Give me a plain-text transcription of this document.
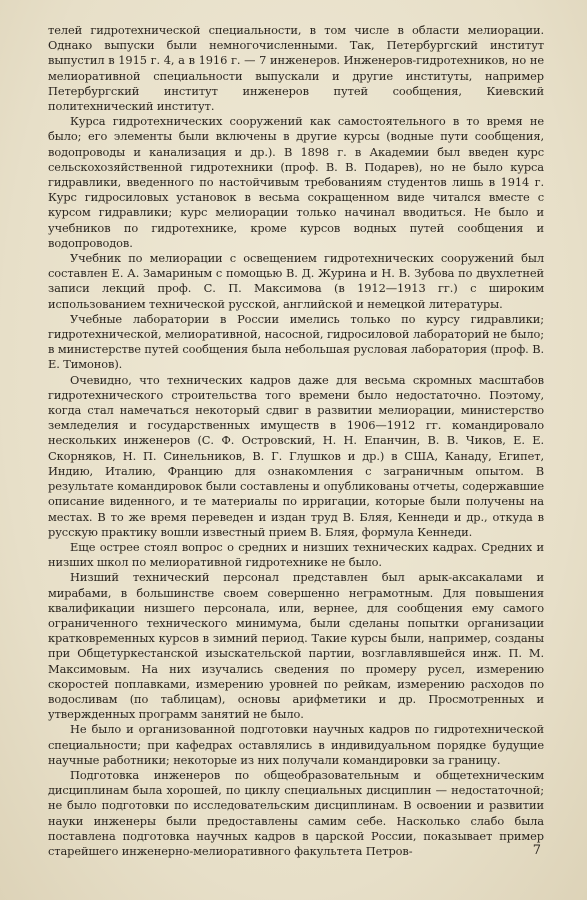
телей гидротехнической специальности, в том числе в области мелиорации. Однако выпуски были немногочисленными. Так, Петербургский институт выпустил в 1915 г. 4, а в 1916 г. — 7 инженеров. Инженеров-гидротехников, но не мелиоративной специальности выпускали и другие институты, например Петербургский институт инженеров путей сообщения, Киевский политехнический институт.

Курса гидротехнических сооружений как самостоятельного в то время не было; его элементы были включены в другие курсы (водные пути сообщения, водопроводы и канализация и др.). В 1898 г. в Академии был введен курс сельскохозяйственной гидротехники (проф. В. В. Подарев), но не было курса гидравлики, введенного по настойчивым требованиям студентов лишь в 1914 г. Курс гидросиловых установок в весьма сокращенном виде читался вместе с курсом гидравлики; курс мелиорации только начинал вводиться. Не было и учебников по гидротехнике, кроме курсов водных путей сообщения и водопроводов.

Учебник по мелиорации с освещением гидротехнических сооружений был составлен Е. А. Замариным с помощью В. Д. Журина и Н. В. Зубова по двухлетней записи лекций проф. С. П. Максимова (в 1912—1913 гг.) с широким использованием технической русской, английской и немецкой литературы.

Учебные лаборатории в России имелись только по курсу гидравлики; гидротехнической, мелиоративной, насосной, гидросиловой лабораторий не было; в министерстве путей сообщения была небольшая русловая лаборатория (проф. В. Е. Тимонов).

Очевидно, что технических кадров даже для весьма скромных масштабов гидротехнического строительства того времени было недостаточно. Поэтому, когда стал намечаться некоторый сдвиг в развитии мелиорации, министерство земледелия и государственных имуществ в 1906—1912 гг. командировало нескольких инженеров (С. Ф. Островский, Н. Н. Епанчин, В. В. Чиков, Е. Е. Скорняков, Н. П. Синельников, В. Г. Глушков и др.) в США, Канаду, Египет, Индию, Италию, Францию для ознакомления с заграничным опытом. В результате командировок были составлены и опубликованы отчеты, содержавшие описание виденного, и те материалы по ирригации, которые были получены на местах. В то же время переведен и издан труд В. Бляя, Кеннеди и др., откуда в русскую практику вошли известный прием В. Бляя, формула Кеннеди.

Еще острее стоял вопрос о средних и низших технических кадрах. Средних и низших школ по мелиоративной гидротехнике не было.

Низший технический персонал представлен был арык-аксакалами и мирабами, в большинстве своем совершенно неграмотным. Для повышения квалификации низшего персонала, или, вернее, для сообщения ему самого ограниченного технического минимума, были сделаны попытки организации кратковременных курсов в зимний период. Такие курсы были, например, созданы при Общетуркестанской изыскательской партии, возглавлявшейся инж. П. М. Максимовым. На них изучались сведения по промеру русел, измерению скоростей поплавками, измерению уровней по рейкам, измерению расходов по водосливам (по таблицам), основы арифметики и др. Просмотренных и утвержденных программ занятий не было.

Не было и организованной подготовки научных кадров по гидротехнической специальности; при кафедрах оставлялись в индивидуальном порядке будущие научные работники; некоторые из них получали командировки за границу.

Подготовка инженеров по общеобразовательным и общетехническим дисциплинам была хорошей, по циклу специальных дисциплин — недостаточной; не было подготовки по исследовательским дисциплинам. В освоении и развитии науки инженеры были предоставлены самим себе. Насколько слабо была поставлена подготовка научных кадров в царской России, показывает пример старейшего инженерно-мелиоративного факультета Петров-	7
